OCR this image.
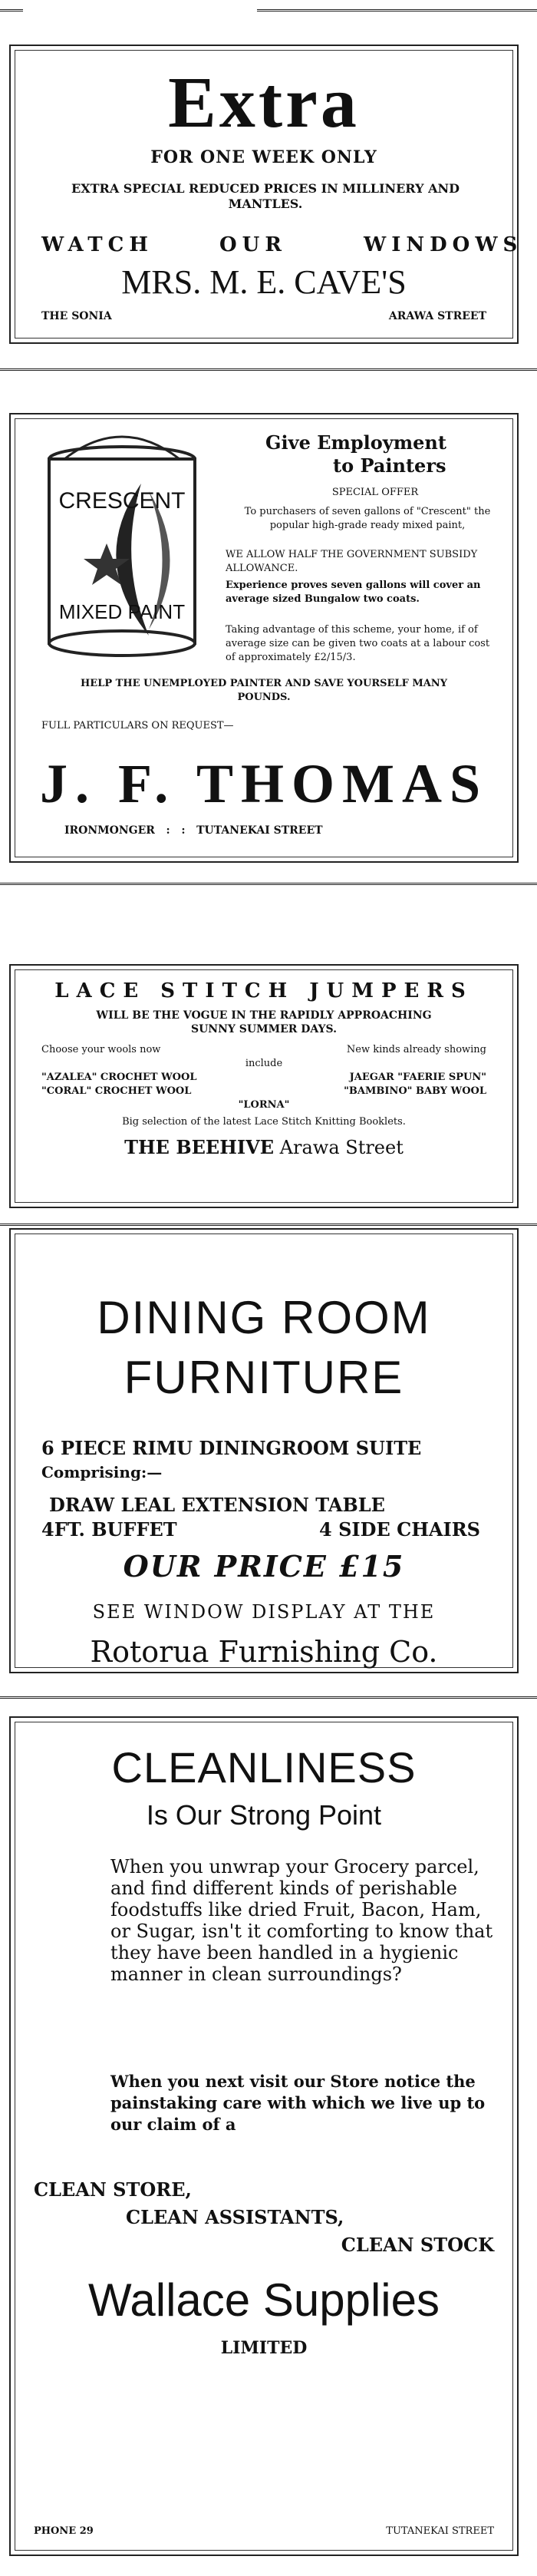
Extra
FOR ONE WEEK ONLY
EXTRA SPECIAL REDUCED PRICES IN MILLINERY AND MANTLES.
WATCH	OUR	WINDOWS
MRS. M. E. CAVE'S
THE SONIA	ARAWA STREET
CRESCENT
MIXED PAINT
Give Employment
to Painters
SPECIAL OFFER
To purchasers of seven gallons of "Crescent" the popular high-grade ready mixed paint,
WE ALLOW HALF THE GOVERNMENT SUBSIDY ALLOWANCE.
Experience proves seven gallons will cover an average sized Bungalow two coats.
Taking advantage of this scheme, your home, if of average size can be given two coats at a labour cost of approximately £2/15/3.
HELP THE UNEMPLOYED PAINTER AND SAVE YOURSELF MANY POUNDS.
FULL PARTICULARS ON REQUEST—
J. F. THOMAS
IRONMONGER   :   :   TUTANEKAI STREET
LACE STITCH JUMPERS
WILL BE THE VOGUE IN THE RAPIDLY APPROACHING SUNNY SUMMER DAYS.
Choose your wools now	New kinds already showing
include
"AZALEA" CROCHET WOOL	JAEGAR "FAERIE SPUN"
"CORAL" CROCHET WOOL	"BAMBINO" BABY WOOL
"LORNA"
Big selection of the latest Lace Stitch Knitting Booklets.
THE BEEHIVE Arawa Street
DINING ROOM
FURNITURE
6 PIECE RIMU DININGROOM SUITE
Comprising:—
DRAW LEAL EXTENSION TABLE
4FT. BUFFET	4 SIDE CHAIRS
OUR PRICE £15
SEE WINDOW DISPLAY AT THE
Rotorua Furnishing Co.
CLEANLINESS
Is Our Strong Point
When you unwrap your Grocery parcel, and find different kinds of perishable foodstuffs like dried Fruit, Bacon, Ham, or Sugar, isn't it comforting to know that they have been handled in a hygienic manner in clean surroundings?
When you next visit our Store notice the painstaking care with which we live up to our claim of a
CLEAN STORE,
CLEAN ASSISTANTS,
CLEAN STOCK
Wallace Supplies
LIMITED
PHONE 29	TUTANEKAI STREET
